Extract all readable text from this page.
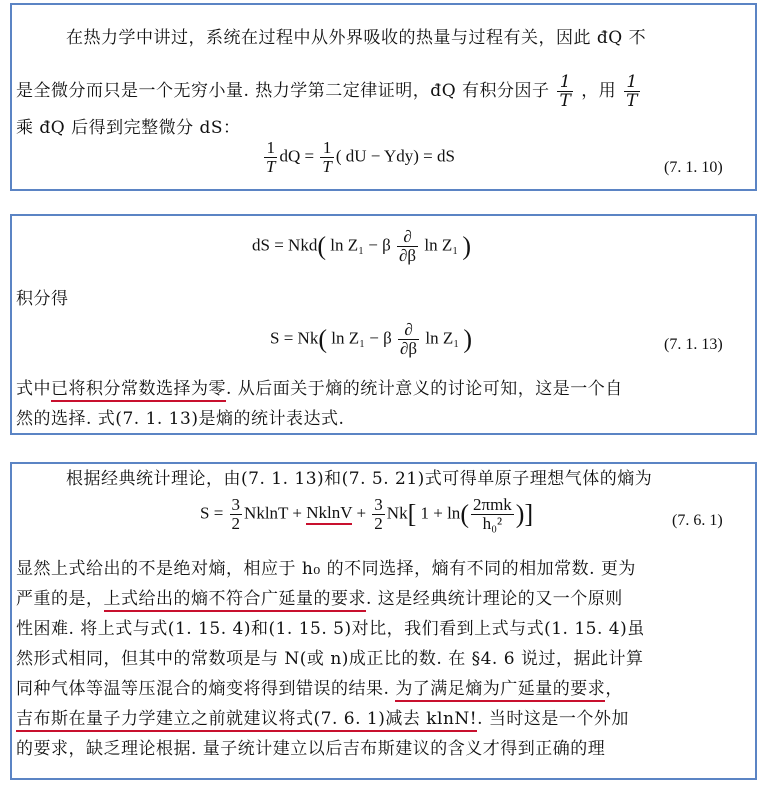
在热力学中讲过，系统在过程中从外界吸收的热量与过程有关，因此 đQ 不
是全微分而只是一个无穷小量. 热力学第二定律证明，đQ 有积分因子 $\frac{1}{T}$ ，用 $\frac{1}{T}$
乘 đQ 后得到完整微分 dS：
$\frac{1}{T}$ dQ = $\frac{1}{T}$ ( dU − Ydy) = dS
(7. 1. 10)
dS = Nkd( ln Z₁ − β $\frac{\partial}{\partial\beta}$ ln Z₁ )
积分得
S = Nk( ln Z₁ − β $\frac{\partial}{\partial\beta}$ ln Z₁ )	(7. 1. 13)
式中已将积分常数选择为零. 从后面关于熵的统计意义的讨论可知，这是一个自
然的选择. 式(7. 1. 13)是熵的统计表达式.
根据经典统计理论，由(7. 1. 13)和(7. 5. 21)式可得单原子理想气体的熵为
$S = \frac{3}{2}$ $NklnT + NklnV + \frac{3}{2} Nk$[ $1 + \ln( \frac{\text{2πmk}}{\text{h₀²}}$ )]	(7. 6. 1)
显然上式给出的不是绝对熵，相应于 h₀ 的不同选择，熵有不同的相加常数. 更为
严重的是，上式给出的熵不符合广延量的要求. 这是经典统计理论的又一个原则
性困难. 将上式与式(1. 15. 4)和(1. 15. 5)对比，我们看到上式与式(1. 15. 4)虽
然形式相同，但其中的常数项是与 N(或 n)成正比的数. 在 §4. 6 说过，据此计算
同种气体等温等压混合的熵变将得到错误的结果. 为了满足熵为广延量的要求，
吉布斯在量子力学建立之前就建议将式(7. 6. 1)减去 klnN!. 当时这是一个外加
的要求，缺乏理论根据. 量子统计建立以后吉布斯建议的含义才得到正确的理
